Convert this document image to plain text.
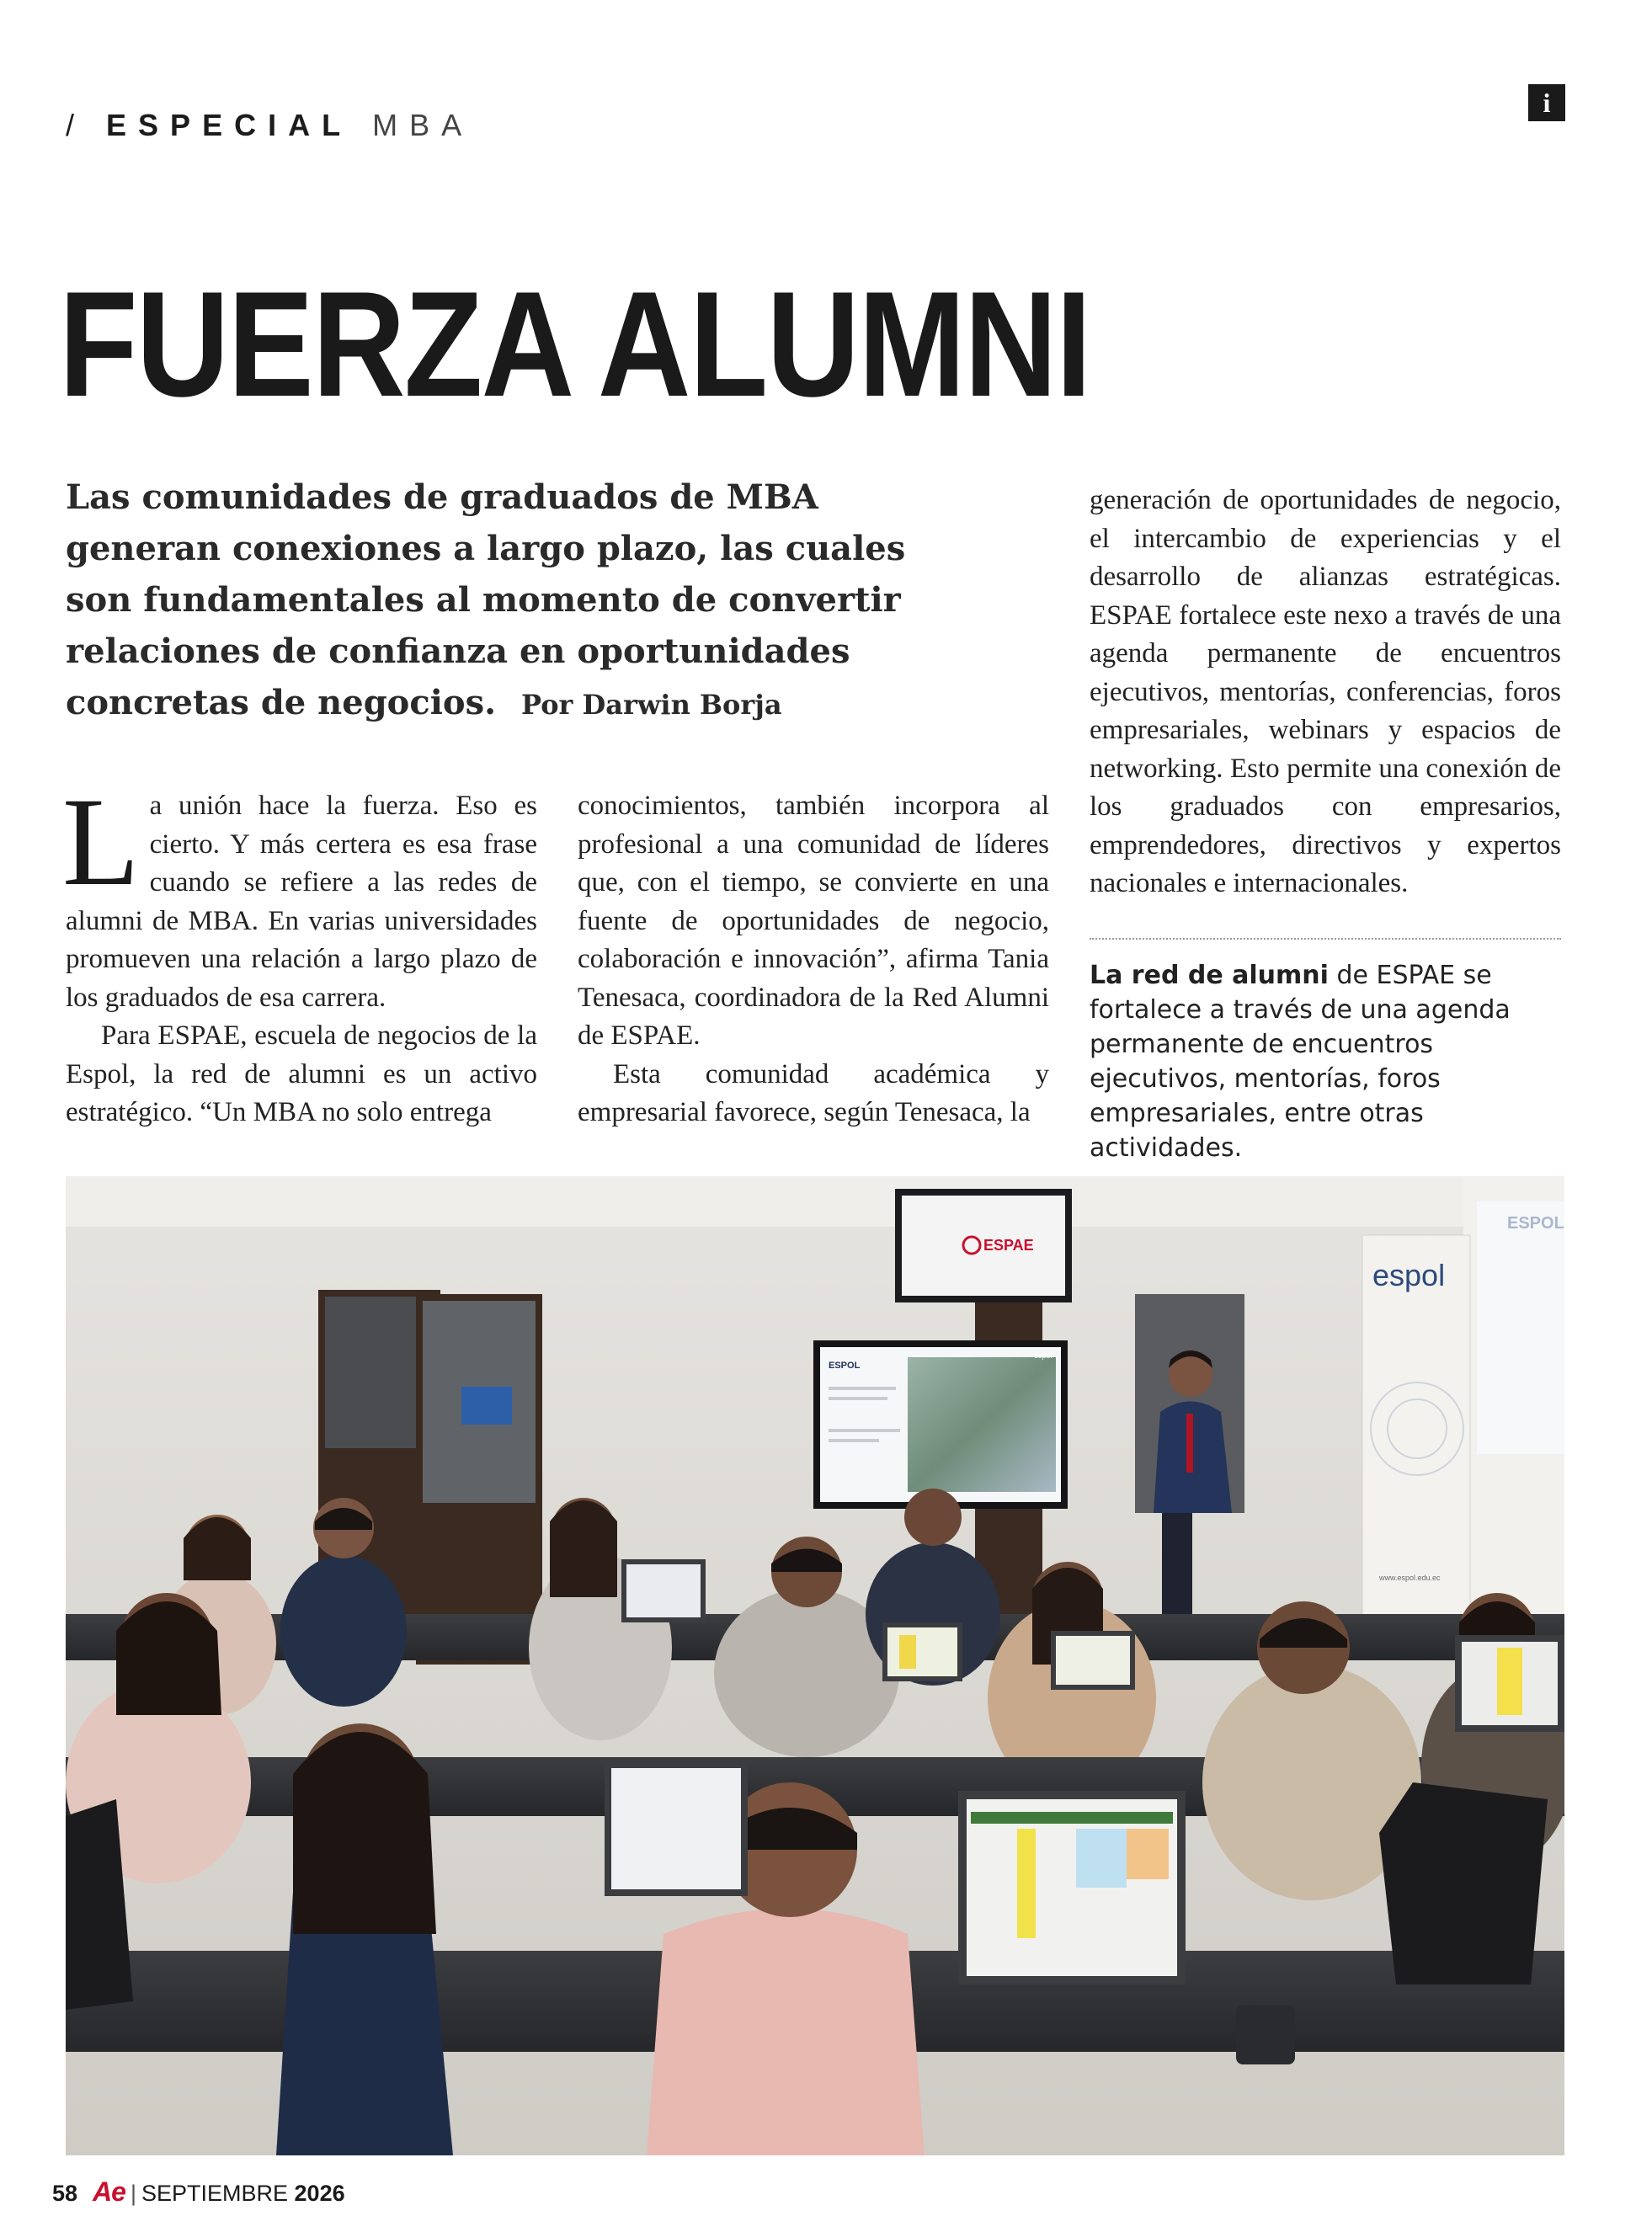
/ ESPECIAL MBA
i
FUERZA ALUMNI
Las comunidades de graduados de MBA generan conexiones a largo plazo, las cuales son fundamentales al momento de convertir relaciones de confianza en oportunidades concretas de negocios. Por Darwin Borja

La unión hace la fuerza. Eso es cierto. Y más certera es esa frase cuando se refiere a las redes de alumni de MBA. En varias universidades promueven una relación a largo plazo de los graduados de esa carrera.

Para ESPAE, escuela de negocios de la Espol, la red de alumni es un activo estratégico. “Un MBA no solo entrega

conocimientos, también incorpora al profesional a una comunidad de líderes que, con el tiempo, se convierte en una fuente de oportunidades de negocio, colaboración e innovación”, afirma Tania Tenesaca, coordinadora de la Red Alumni de ESPAE.

Esta comunidad académica y empresarial favorece, según Tenesaca, la

generación de oportunidades de negocio, el intercambio de experiencias y el desarrollo de alianzas estratégicas. ESPAE fortalece este nexo a través de una agenda permanente de encuentros ejecutivos, mentorías, conferencias, foros empresariales, webinars y espacios de networking. Esto permite una conexión de los graduados con empresarios, emprendedores, directivos y expertos nacionales e internacionales.

La red de alumni de ESPAE se fortalece a través de una agenda permanente de encuentros ejecutivos, mentorías, foros empresariales, entre otras actividades.
ESPAE
ESPOL
espol
espol
www.espol.edu.ec
ESPOL
58 Ae | SEPTIEMBRE 2026
